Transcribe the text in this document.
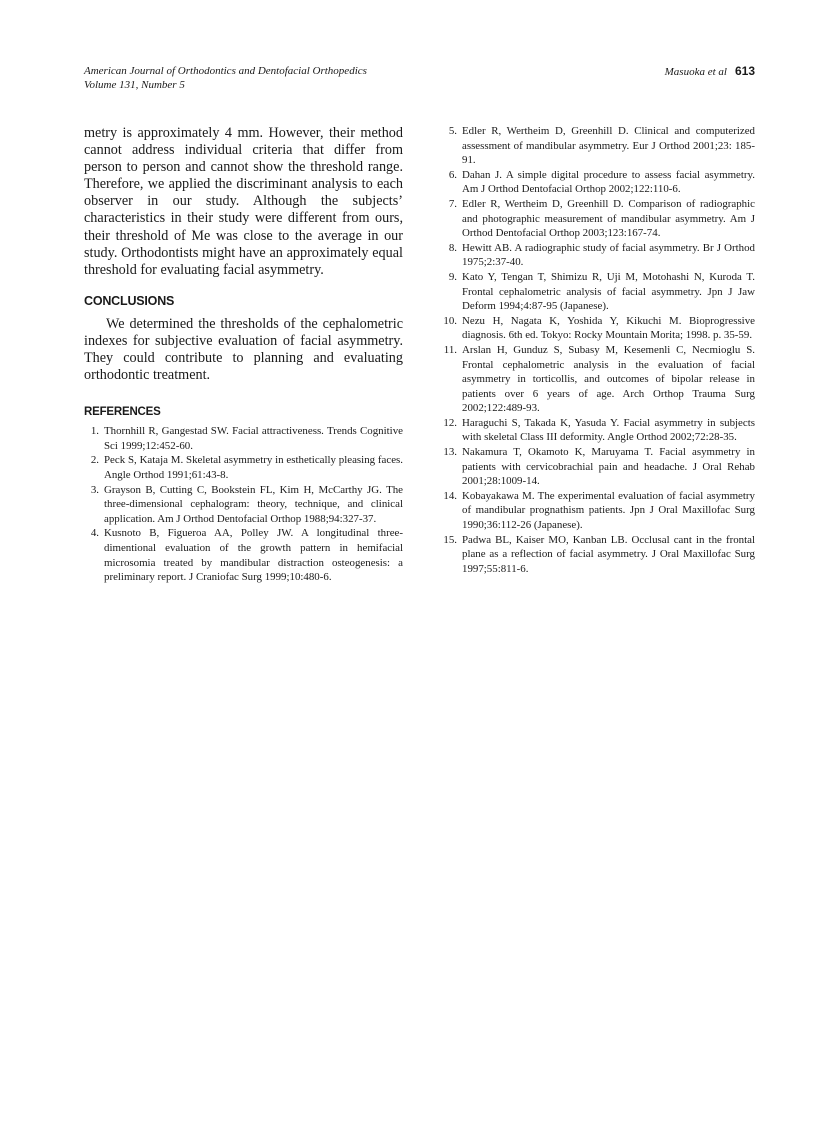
American Journal of Orthodontics and Dentofacial Orthopedics
Volume 131, Number 5
Masuoka et al 613

metry is approximately 4 mm. However, their method cannot address individual criteria that differ from person to person and cannot show the threshold range. Therefore, we applied the discriminant analysis to each observer in our study. Although the subjects’ characteristics in their study were different from ours, their threshold of Me was close to the average in our study. Orthodontists might have an approximately equal threshold for evaluating facial asymmetry.

CONCLUSIONS

We determined the thresholds of the cephalometric indexes for subjective evaluation of facial asymmetry. They could contribute to planning and evaluating orthodontic treatment.

REFERENCES
1. Thornhill R, Gangestad SW. Facial attractiveness. Trends Cognitive Sci 1999;12:452-60.
2. Peck S, Kataja M. Skeletal asymmetry in esthetically pleasing faces. Angle Orthod 1991;61:43-8.
3. Grayson B, Cutting C, Bookstein FL, Kim H, McCarthy JG. The three-dimensional cephalogram: theory, technique, and clinical application. Am J Orthod Dentofacial Orthop 1988;94:327-37.
4. Kusnoto B, Figueroa AA, Polley JW. A longitudinal three-dimentional evaluation of the growth pattern in hemifacial microsomia treated by mandibular distraction osteogenesis: a preliminary report. J Craniofac Surg 1999;10:480-6.
5. Edler R, Wertheim D, Greenhill D. Clinical and computerized assessment of mandibular asymmetry. Eur J Orthod 2001;23: 185-91.
6. Dahan J. A simple digital procedure to assess facial asymmetry. Am J Orthod Dentofacial Orthop 2002;122:110-6.
7. Edler R, Wertheim D, Greenhill D. Comparison of radiographic and photographic measurement of mandibular asymmetry. Am J Orthod Dentofacial Orthop 2003;123:167-74.
8. Hewitt AB. A radiographic study of facial asymmetry. Br J Orthod 1975;2:37-40.
9. Kato Y, Tengan T, Shimizu R, Uji M, Motohashi N, Kuroda T. Frontal cephalometric analysis of facial asymmetry. Jpn J Jaw Deform 1994;4:87-95 (Japanese).
10. Nezu H, Nagata K, Yoshida Y, Kikuchi M. Bioprogressive diagnosis. 6th ed. Tokyo: Rocky Mountain Morita; 1998. p. 35-59.
11. Arslan H, Gunduz S, Subasy M, Kesemenli C, Necmioglu S. Frontal cephalometric analysis in the evaluation of facial asymmetry in torticollis, and outcomes of bipolar release in patients over 6 years of age. Arch Orthop Trauma Surg 2002;122:489-93.
12. Haraguchi S, Takada K, Yasuda Y. Facial asymmetry in subjects with skeletal Class III deformity. Angle Orthod 2002;72:28-35.
13. Nakamura T, Okamoto K, Maruyama T. Facial asymmetry in patients with cervicobrachial pain and headache. J Oral Rehab 2001;28:1009-14.
14. Kobayakawa M. The experimental evaluation of facial asymmetry of mandibular prognathism patients. Jpn J Oral Maxillofac Surg 1990;36:112-26 (Japanese).
15. Padwa BL, Kaiser MO, Kanban LB. Occlusal cant in the frontal plane as a reflection of facial asymmetry. J Oral Maxillofac Surg 1997;55:811-6.
